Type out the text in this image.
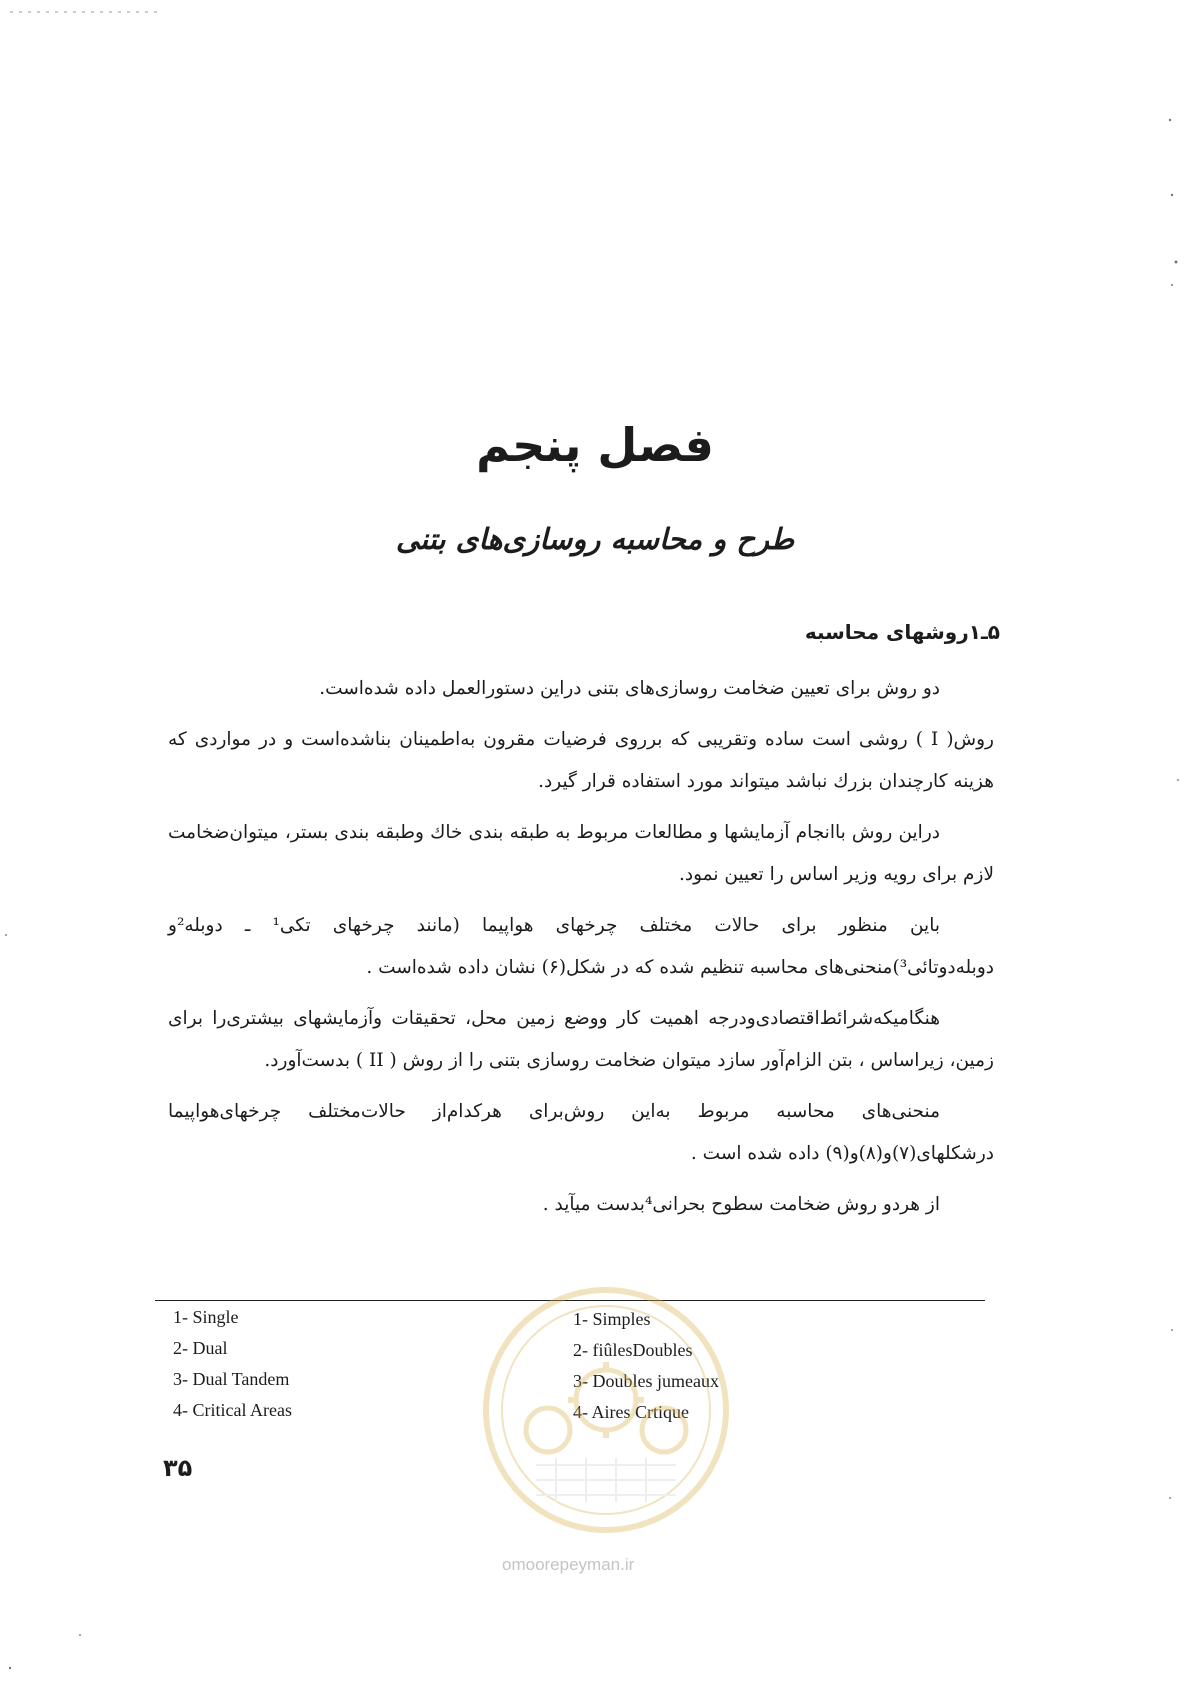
فصل پنجم
طرح و محاسبه روسازی‌های بتنی
۵ـ۱روشهای محاسبه

دو روش برای تعیین ضخامت روسازی‌های بتنی دراین دستورالعمل داده شده‌است.

روش( I ) روشی است ساده وتقریبی که برروی فرضیات مقرون به‌اطمینان بناشده‌است و در مواردی که هزینه کارچندان بزرك نباشد میتواند مورد استفاده قرار گیرد.

دراین روش باانجام آزمایشها و مطالعات مربوط به طبقه بندی خاك وطبقه بندی بستر، میتوان‌ضخامت لازم برای رویه وزیر اساس را تعیین نمود.

باین منظور برای حالات مختلف چرخهای هواپیما (مانند چرخهای تکی¹ ـ دوبله²و دوبله‌دوتائی³)منحنی‌های محاسبه تنظیم شده که در شکل(۶) نشان داده شده‌است .

هنگامیکه‌شرائط‌اقتصادی‌ودرجه اهمیت کار ووضع زمین محل، تحقیقات وآزمایشهای بیشتری‌را برای زمین، زیراساس ، بتن الزام‌آور سازد میتوان ضخامت روسازی بتنی را از روش ( II ) بدست‌آورد.

منحنی‌های محاسبه مربوط به‌این روش‌برای هرکدام‌از حالات‌مختلف چرخهای‌هواپیما درشکلهای(۷)و(۸)و(۹) داده شده است .

از هردو روش ضخامت سطوح بحرانی⁴بدست میآید .

1- Single
2- Dual
3- Dual Tandem
4- Critical Areas
1- Simples
2- fiûlesDoubles
3- Doubles jumeaux
4- Aires Crtique
۳۵
omoorepeyman.ir
